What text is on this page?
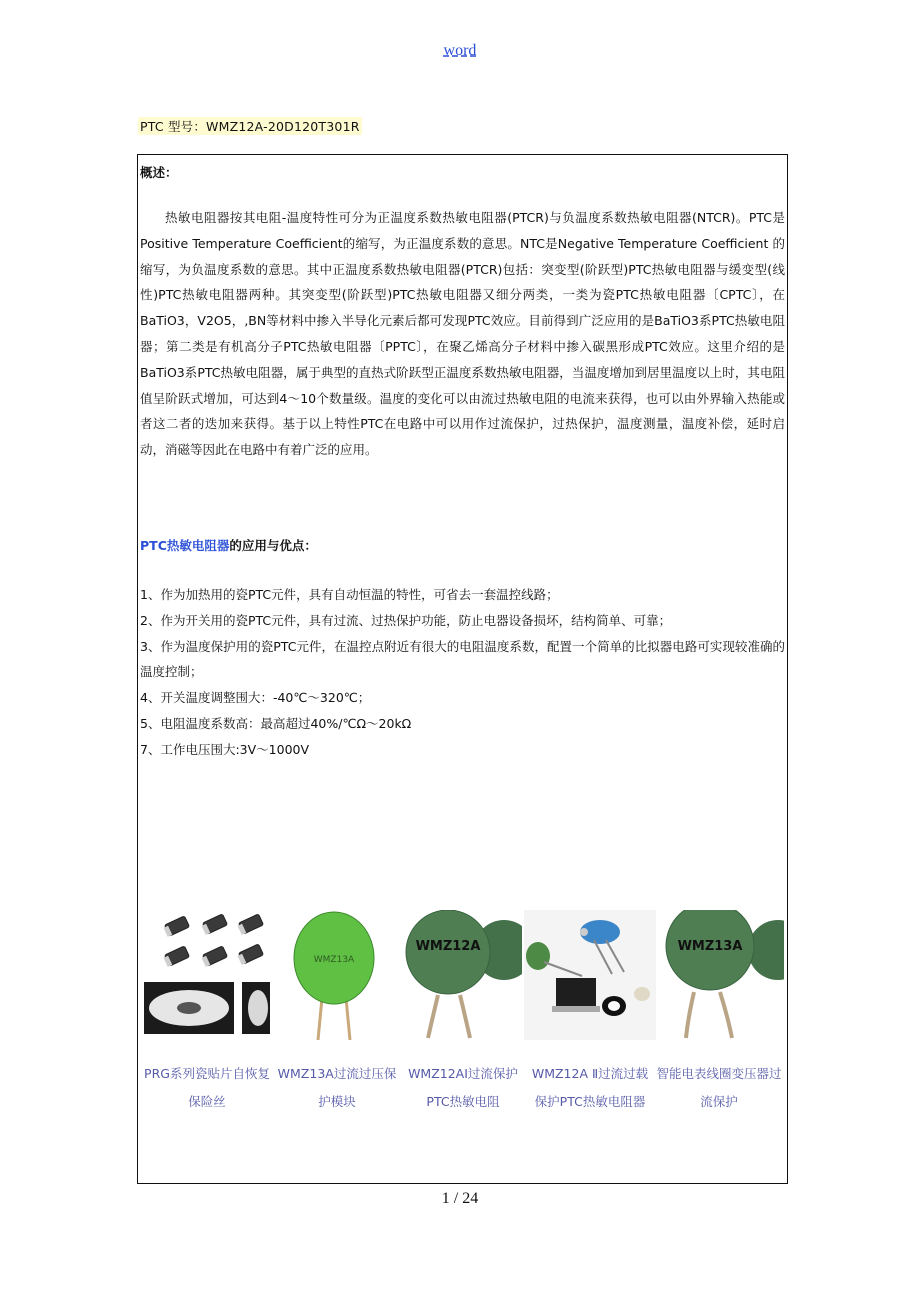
word
PTC 型号：WMZ12A-20D120T301R
概述：
热敏电阻器按其电阻-温度特性可分为正温度系数热敏电阻器(PTCR)与负温度系数热敏电阻器(NTCR)。PTC是Positive Temperature Coefficient的缩写，为正温度系数的意思。NTC是Negative Temperature Coefficient 的缩写，为负温度系数的意思。其中正温度系数热敏电阻器(PTCR)包括：突变型(阶跃型)PTC热敏电阻器与缓变型(线性)PTC热敏电阻器两种。其突变型(阶跃型)PTC热敏电阻器又细分两类，一类为瓷PTC热敏电阻器〔CPTC〕，在BaTiO3，V2O5，,BN等材料中掺入半导化元素后都可发现PTC效应。目前得到广泛应用的是BaTiO3系PTC热敏电阻器；第二类是有机高分子PTC热敏电阻器〔PPTC〕，在聚乙烯高分子材料中掺入碳黑形成PTC效应。这里介绍的是BaTiO3系PTC热敏电阻器，属于典型的直热式阶跃型正温度系数热敏电阻器，当温度增加到居里温度以上时，其电阻值呈阶跃式增加，可达到4～10个数量级。温度的变化可以由流过热敏电阻的电流来获得，也可以由外界输入热能或者这二者的迭加来获得。基于以上特性PTC在电路中可以用作过流保护，过热保护，温度测量，温度补偿，延时启动，消磁等因此在电路中有着广泛的应用。
PTC热敏电阻器的应用与优点：
1、作为加热用的瓷PTC元件，具有自动恒温的特性，可省去一套温控线路；
2、作为开关用的瓷PTC元件，具有过流、过热保护功能，防止电器设备损坏，结构简单、可靠；
3、作为温度保护用的瓷PTC元件，在温控点附近有很大的电阻温度系数，配置一个简单的比拟器电路可实现较准确的温度控制；
4、开关温度调整围大：-40℃～320℃；
5、电阻温度系数高：最高超过40%/℃Ω～20kΩ
7、工作电压围大:3V～1000V
WMZ13A
WMZ12A	WMZ13A
PRG系列瓷贴片自恢复保险丝
WMZ13A过流过压保护模块
WMZ12AⅠ过流保护PTC热敏电阻
WMZ12A Ⅱ过流过载保护PTC热敏电阻器
智能电表线圈变压器过流保护
1 / 24
